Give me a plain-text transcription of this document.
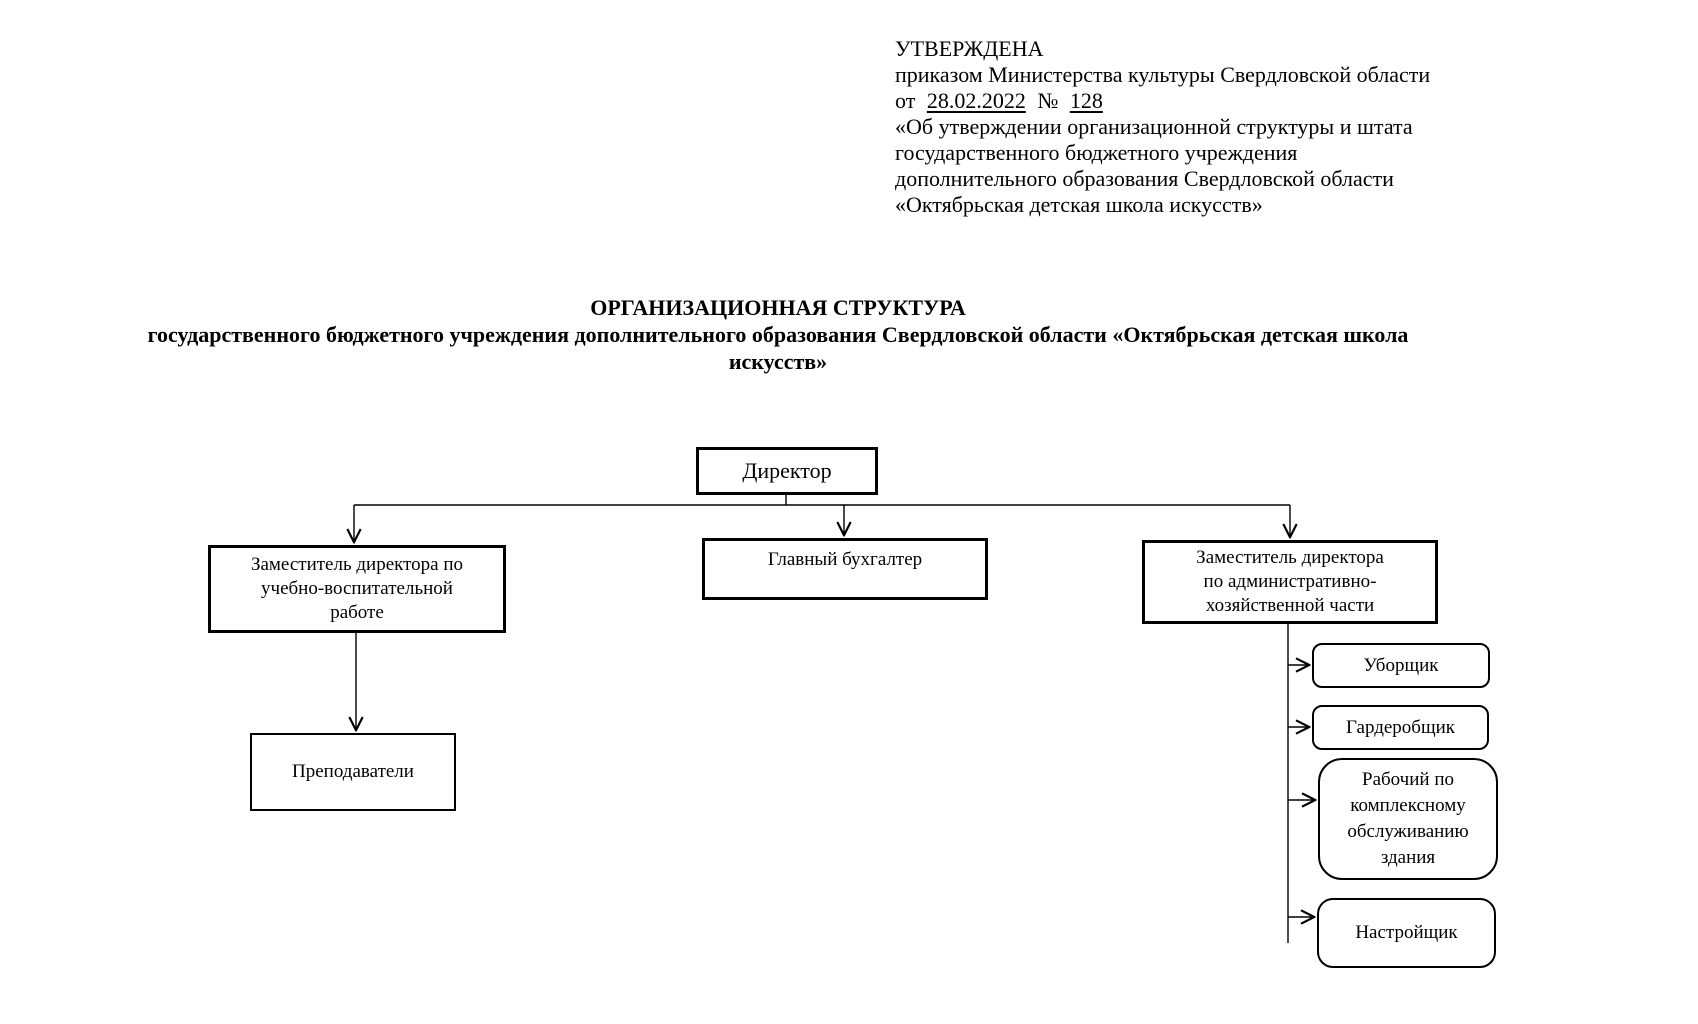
УТВЕРЖДЕНА
приказом Министерства культуры Свердловской области
от 28.02.2022 № 128
«Об утверждении организационной структуры и штата
государственного бюджетного учреждения
дополнительного образования Свердловской области
«Октябрьская детская школа искусств»
ОРГАНИЗАЦИОННАЯ СТРУКТУРА
государственного бюджетного учреждения дополнительного образования Свердловской области «Октябрьская детская школа
искусств»
Директор
Заместитель директора по
учебно-воспитательной
работе
Главный бухгалтер	Заместитель директора
по административно-
хозяйственной части
Преподаватели
Уборщик
Гардеробщик
Рабочий по
комплексному
обслуживанию
здания
Настройщик
